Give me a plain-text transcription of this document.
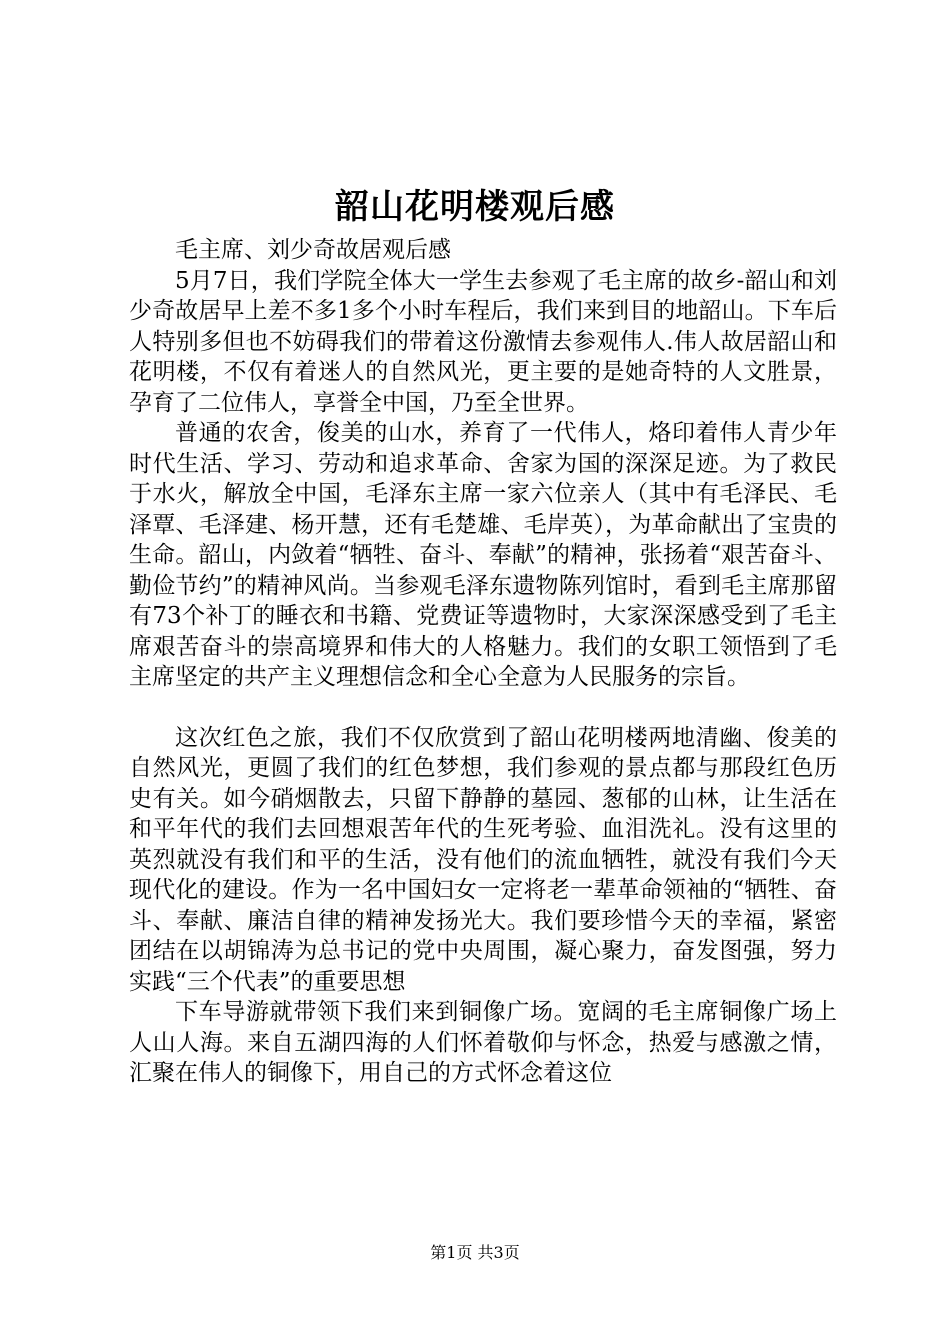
韶山花明楼观后感

毛主席、刘少奇故居观后感

5月7日，我们学院全体大一学生去参观了毛主席的故乡-韶山和刘少奇故居早上差不多1多个小时车程后，我们来到目的地韶山。下车后人特别多但也不妨碍我们的带着这份激情去参观伟人.伟人故居韶山和花明楼，不仅有着迷人的自然风光，更主要的是她奇特的人文胜景，孕育了二位伟人，享誉全中国，乃至全世界。

普通的农舍，俊美的山水，养育了一代伟人，烙印着伟人青少年时代生活、学习、劳动和追求革命、舍家为国的深深足迹。为了救民于水火，解放全中国，毛泽东主席一家六位亲人（其中有毛泽民、毛泽覃、毛泽建、杨开慧，还有毛楚雄、毛岸英），为革命献出了宝贵的生命。韶山，内敛着“牺牲、奋斗、奉献”的精神，张扬着“艰苦奋斗、勤俭节约”的精神风尚。当参观毛泽东遗物陈列馆时，看到毛主席那留有73个补丁的睡衣和书籍、党费证等遗物时，大家深深感受到了毛主席艰苦奋斗的崇高境界和伟大的人格魅力。我们的女职工领悟到了毛主席坚定的共产主义理想信念和全心全意为人民服务的宗旨。

这次红色之旅，我们不仅欣赏到了韶山花明楼两地清幽、俊美的自然风光，更圆了我们的红色梦想，我们参观的景点都与那段红色历史有关。如今硝烟散去，只留下静静的墓园、葱郁的山林，让生活在和平年代的我们去回想艰苦年代的生死考验、血泪洗礼。没有这里的英烈就没有我们和平的生活，没有他们的流血牺牲，就没有我们今天现代化的建设。作为一名中国妇女一定将老一辈革命领袖的“牺牲、奋斗、奉献、廉洁自律的精神发扬光大。我们要珍惜今天的幸福，紧密团结在以胡锦涛为总书记的党中央周围，凝心聚力，奋发图强，努力实践“三个代表”的重要思想

下车导游就带领下我们来到铜像广场。宽阔的毛主席铜像广场上人山人海。来自五湖四海的人们怀着敬仰与怀念，热爱与感激之情，汇聚在伟人的铜像下，用自己的方式怀念着这位

第1页 共3页
